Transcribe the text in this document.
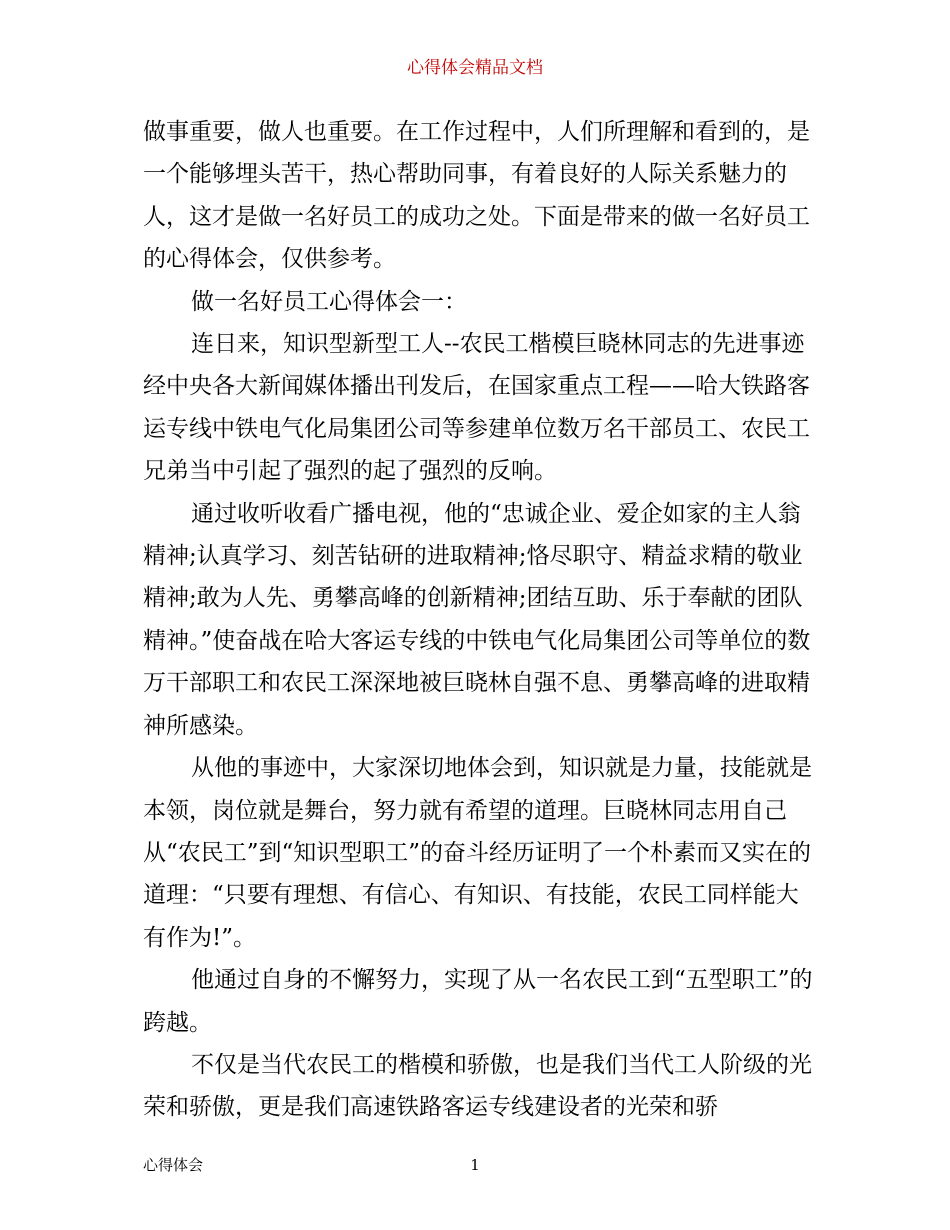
心得体会精品文档

做事重要，做人也重要。在工作过程中，人们所理解和看到的，是一个能够埋头苦干，热心帮助同事，有着良好的人际关系魅力的人，这才是做一名好员工的成功之处。下面是带来的做一名好员工的心得体会，仅供参考。

做一名好员工心得体会一：

连日来，知识型新型工人--农民工楷模巨晓林同志的先进事迹经中央各大新闻媒体播出刊发后，在国家重点工程——哈大铁路客运专线中铁电气化局集团公司等参建单位数万名干部员工、农民工兄弟当中引起了强烈的起了强烈的反响。

通过收听收看广播电视，他的“忠诚企业、爱企如家的主人翁精神;认真学习、刻苦钻研的进取精神;恪尽职守、精益求精的敬业精神;敢为人先、勇攀高峰的创新精神;团结互助、乐于奉献的团队精神。”使奋战在哈大客运专线的中铁电气化局集团公司等单位的数万干部职工和农民工深深地被巨晓林自强不息、勇攀高峰的进取精神所感染。

从他的事迹中，大家深切地体会到，知识就是力量，技能就是本领，岗位就是舞台，努力就有希望的道理。巨晓林同志用自己从“农民工”到“知识型职工”的奋斗经历证明了一个朴素而又实在的道理：“只要有理想、有信心、有知识、有技能，农民工同样能大有作为!”。

他通过自身的不懈努力，实现了从一名农民工到“五型职工”的跨越。

不仅是当代农民工的楷模和骄傲，也是我们当代工人阶级的光荣和骄傲，更是我们高速铁路客运专线建设者的光荣和骄

心得体会	1
